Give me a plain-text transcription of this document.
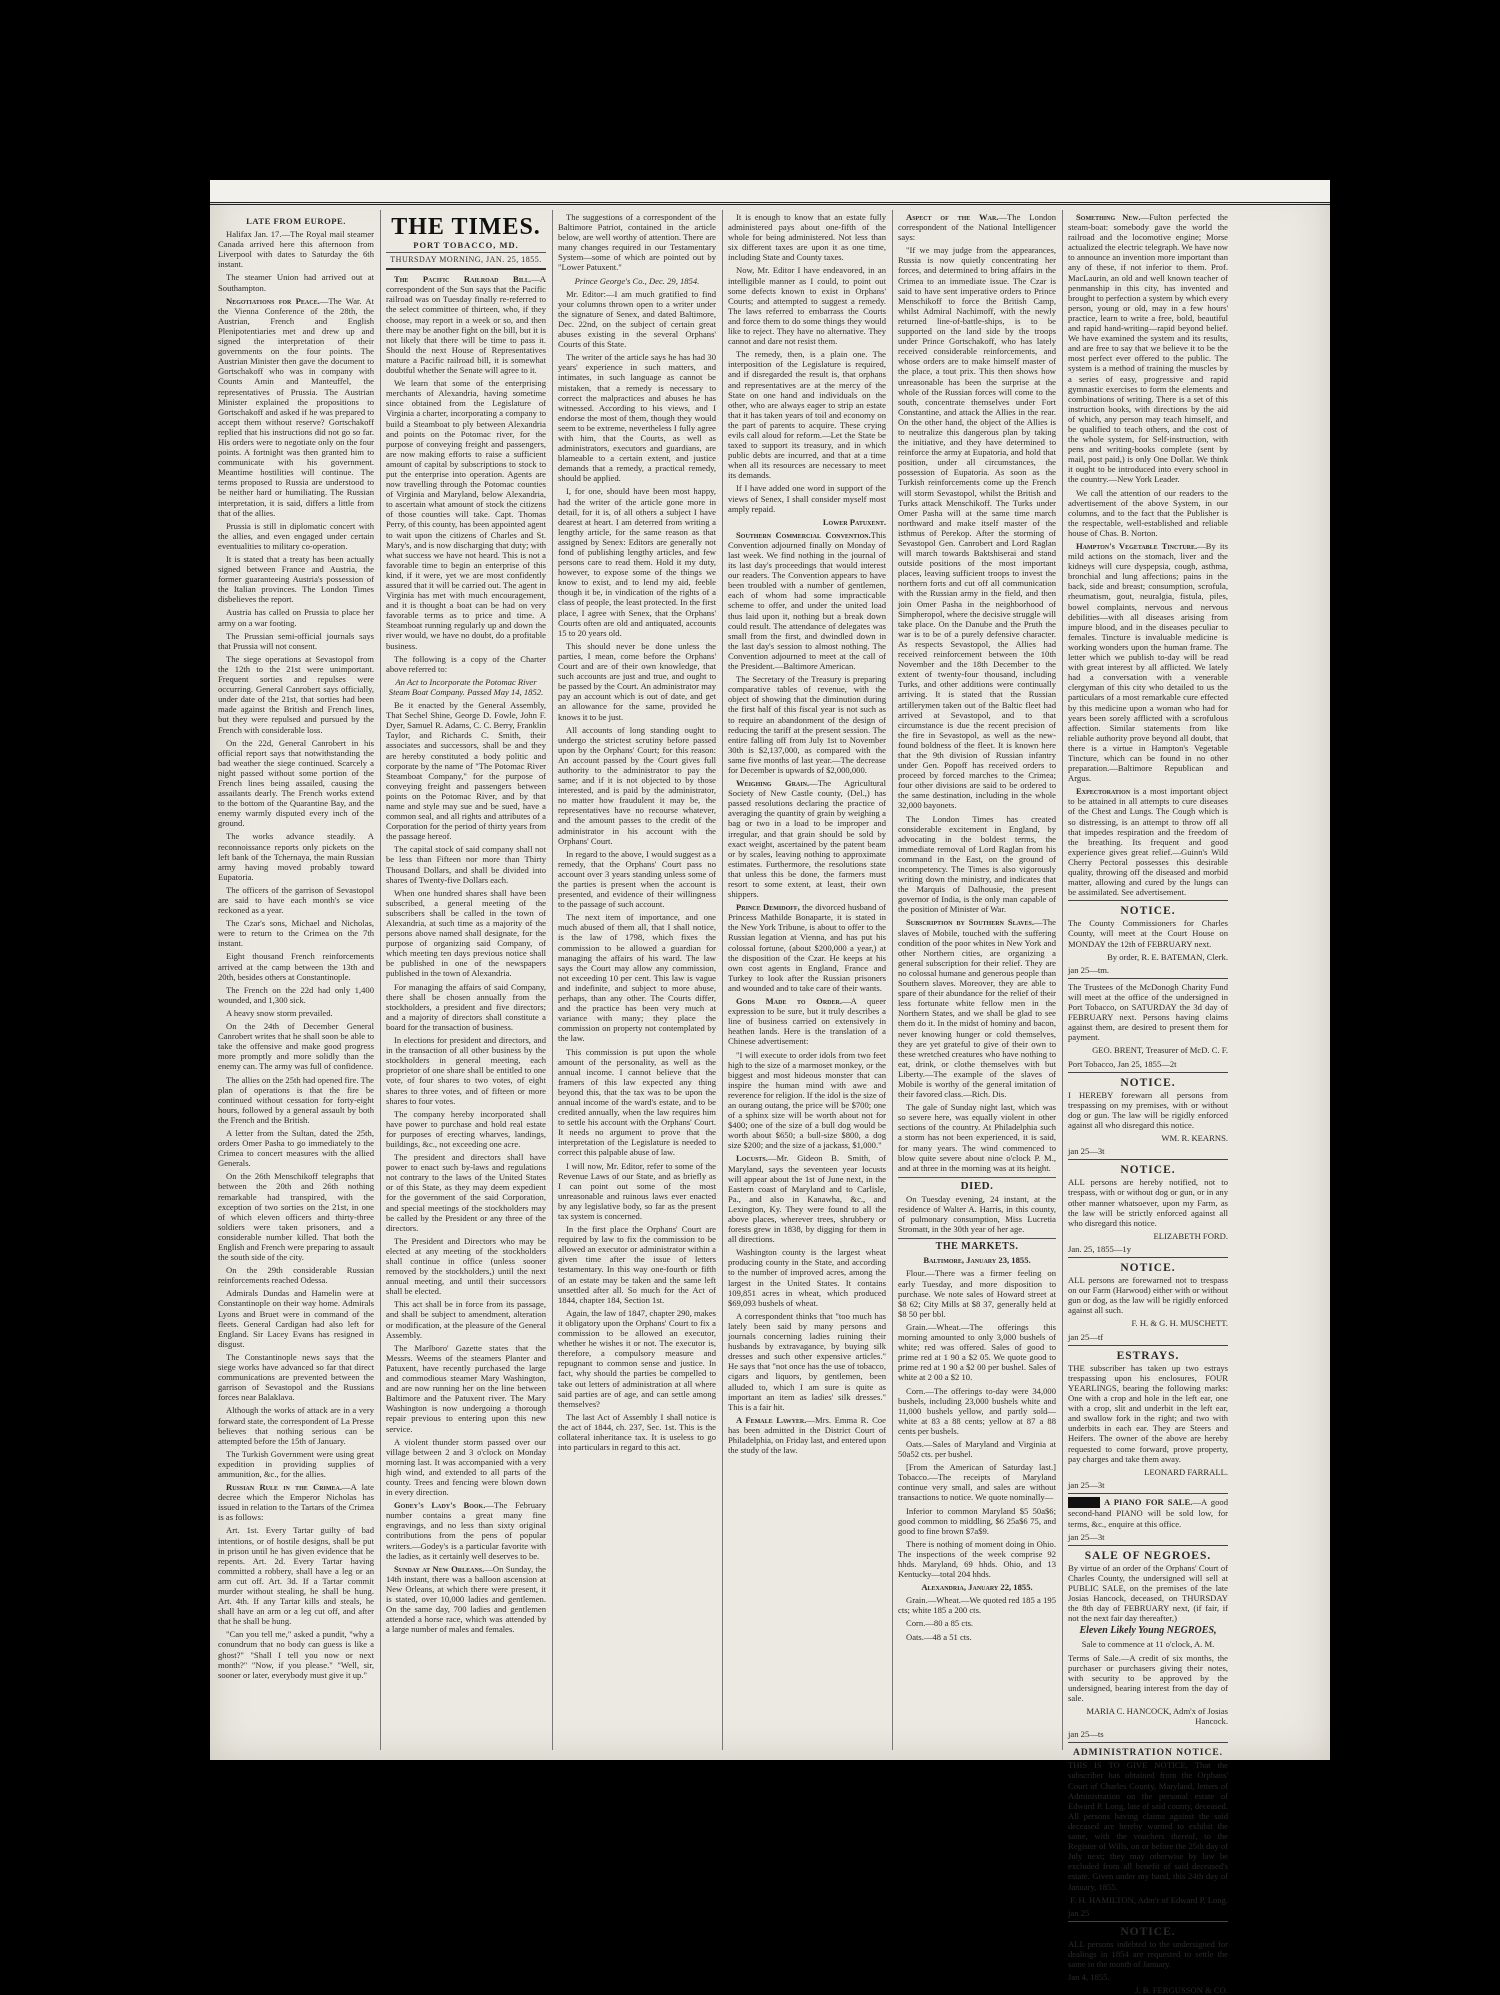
LATE FROM EUROPE.

Halifax Jan. 17.—The Royal mail steamer Canada arrived here this afternoon from Liverpool with dates to Saturday the 6th instant.

The steamer Union had arrived out at Southampton.

Negotiations for Peace.—The War. At the Vienna Conference of the 28th, the Austrian, French and English Plenipotentiaries met and drew up and signed the interpretation of their governments on the four points. The Austrian Minister then gave the document to Gortschakoff who was in company with Counts Amin and Manteuffel, the representatives of Prussia. The Austrian Minister explained the propositions to Gortschakoff and asked if he was prepared to accept them without reserve? Gortschakoff replied that his instructions did not go so far. His orders were to negotiate only on the four points. A fortnight was then granted him to communicate with his government. Meantime hostilities will continue. The terms proposed to Russia are understood to be neither hard or humiliating. The Russian interpretation, it is said, differs a little from that of the allies.

Prussia is still in diplomatic concert with the allies, and even engaged under certain eventualities to military co-operation.

It is stated that a treaty has been actually signed between France and Austria, the former guaranteeing Austria's possession of the Italian provinces. The London Times disbelieves the report.

Austria has called on Prussia to place her army on a war footing.

The Prussian semi-official journals says that Prussia will not consent.

The siege operations at Sevastopol from the 12th to the 21st were unimportant. Frequent sorties and repulses were occurring. General Canrobert says officially, under date of the 21st, that sorties had been made against the British and French lines, but they were repulsed and pursued by the French with considerable loss.

On the 22d, General Canrobert in his official report says that notwithstanding the bad weather the siege continued. Scarcely a night passed without some portion of the French lines being assailed, causing the assailants dearly. The French works extend to the bottom of the Quarantine Bay, and the enemy warmly disputed every inch of the ground.

The works advance steadily. A reconnoissance reports only pickets on the left bank of the Tchernaya, the main Russian army having moved probably toward Eupatoria.

The officers of the garrison of Sevastopol are said to have each month's se vice reckoned as a year.

The Czar's sons, Michael and Nicholas, were to return to the Crimea on the 7th instant.

Eight thousand French reinforcements arrived at the camp between the 13th and 20th, besides others at Constantinople.

The French on the 22d had only 1,400 wounded, and 1,300 sick.

A heavy snow storm prevailed.

On the 24th of December General Canrobert writes that he shall soon be able to take the offensive and make good progress more promptly and more solidly than the enemy can. The army was full of confidence.

The allies on the 25th had opened fire. The plan of operations is that the fire be continued without cessation for forty-eight hours, followed by a general assault by both the French and the British.

A letter from the Sultan, dated the 25th, orders Omer Pasha to go immediately to the Crimea to concert measures with the allied Generals.

On the 26th Menschikoff telegraphs that between the 20th and 26th nothing remarkable had transpired, with the exception of two sorties on the 21st, in one of which eleven officers and thirty-three soldiers were taken prisoners, and a considerable number killed. That both the English and French were preparing to assault the south side of the city.

On the 29th considerable Russian reinforcements reached Odessa.

Admirals Dundas and Hamelin were at Constantinople on their way home. Admirals Lyons and Bruet were in command of the fleets. General Cardigan had also left for England. Sir Lacey Evans has resigned in disgust.

The Constantinople news says that the siege works have advanced so far that direct communications are prevented between the garrison of Sevastopol and the Russians forces near Balaklava.

Although the works of attack are in a very forward state, the correspondent of La Presse believes that nothing serious can be attempted before the 15th of January.

The Turkish Government were using great expedition in providing supplies of ammunition, &c., for the allies.

Russian Rule in the Crimea.—A late decree which the Emperor Nicholas has issued in relation to the Tartars of the Crimea is as follows:

Art. 1st. Every Tartar guilty of bad intentions, or of hostile designs, shall be put in prison until he has given evidence that he repents. Art. 2d. Every Tartar having committed a robbery, shall have a leg or an arm cut off. Art. 3d. If a Tartar commit murder without stealing, he shall be hung. Art. 4th. If any Tartar kills and steals, he shall have an arm or a leg cut off, and after that he shall be hung.

"Can you tell me," asked a pundit, "why a conundrum that no body can guess is like a ghost?" "Shall I tell you now or next month?" "Now, if you please." "Well, sir, sooner or later, everybody must give it up."

THE TIMES.
PORT TOBACCO, MD.
THURSDAY MORNING, JAN. 25, 1855.

The Pacific Railroad Bill.—A correspondent of the Sun says that the Pacific railroad was on Tuesday finally re-referred to the select committee of thirteen, who, if they choose, may report in a week or so, and then there may be another fight on the bill, but it is not likely that there will be time to pass it. Should the next House of Representatives mature a Pacific railroad bill, it is somewhat doubtful whether the Senate will agree to it.

We learn that some of the enterprising merchants of Alexandria, having sometime since obtained from the Legislature of Virginia a charter, incorporating a company to build a Steamboat to ply between Alexandria and points on the Potomac river, for the purpose of conveying freight and passengers, are now making efforts to raise a sufficient amount of capital by subscriptions to stock to put the enterprise into operation. Agents are now travelling through the Potomac counties of Virginia and Maryland, below Alexandria, to ascertain what amount of stock the citizens of those counties will take. Capt. Thomas Perry, of this county, has been appointed agent to wait upon the citizens of Charles and St. Mary's, and is now discharging that duty; with what success we have not heard. This is not a favorable time to begin an enterprise of this kind, if it were, yet we are most confidently assured that it will be carried out. The agent in Virginia has met with much encouragement, and it is thought a boat can be had on very favorable terms as to price and time. A Steamboat running regularly up and down the river would, we have no doubt, do a profitable business.

The following is a copy of the Charter above referred to:

An Act to Incorporate the Potomac River Steam Boat Company. Passed May 14, 1852.

Be it enacted by the General Assembly, That Sechel Shine, George D. Fowle, John F. Dyer, Samuel R. Adams, C. C. Berry, Franklin Taylor, and Richards C. Smith, their associates and successors, shall be and they are hereby constituted a body politic and corporate by the name of "The Potomac River Steamboat Company," for the purpose of conveying freight and passengers between points on the Potomac River, and by that name and style may sue and be sued, have a common seal, and all rights and attributes of a Corporation for the period of thirty years from the passage hereof.

The capital stock of said company shall not be less than Fifteen nor more than Thirty Thousand Dollars, and shall be divided into shares of Twenty-five Dollars each.

When one hundred shares shall have been subscribed, a general meeting of the subscribers shall be called in the town of Alexandria, at such time as a majority of the persons above named shall designate, for the purpose of organizing said Company, of which meeting ten days previous notice shall be published in one of the newspapers published in the town of Alexandria.

For managing the affairs of said Company, there shall be chosen annually from the stockholders, a president and five directors; and a majority of directors shall constitute a board for the transaction of business.

In elections for president and directors, and in the transaction of all other business by the stockholders in general meeting, each proprietor of one share shall be entitled to one vote, of four shares to two votes, of eight shares to three votes, and of fifteen or more shares to four votes.

The company hereby incorporated shall have power to purchase and hold real estate for purposes of erecting wharves, landings, buildings, &c., not exceeding one acre.

The president and directors shall have power to enact such by-laws and regulations not contrary to the laws of the United States or of this State, as they may deem expedient for the government of the said Corporation, and special meetings of the stockholders may be called by the President or any three of the directors.

The President and Directors who may be elected at any meeting of the stockholders shall continue in office (unless sooner removed by the stockholders,) until the next annual meeting, and until their successors shall be elected.

This act shall be in force from its passage, and shall be subject to amendment, alteration or modification, at the pleasure of the General Assembly.

The Marlboro' Gazette states that the Messrs. Weems of the steamers Planter and Patuxent, have recently purchased the large and commodious steamer Mary Washington, and are now running her on the line between Baltimore and the Patuxent river. The Mary Washington is now undergoing a thorough repair previous to entering upon this new service.

A violent thunder storm passed over our village between 2 and 3 o'clock on Monday morning last. It was accompanied with a very high wind, and extended to all parts of the county. Trees and fencing were blown down in every direction.

Godey's Lady's Book.—The February number contains a great many fine engravings, and no less than sixty original contributions from the pens of popular writers.—Godey's is a particular favorite with the ladies, as it certainly well deserves to be.

Sunday at New Orleans.—On Sunday, the 14th instant, there was a balloon ascension at New Orleans, at which there were present, it is stated, over 10,000 ladies and gentlemen. On the same day, 700 ladies and gentlemen attended a horse race, which was attended by a large number of males and females.

The suggestions of a correspondent of the Baltimore Patriot, contained in the article below, are well worthy of attention. There are many changes required in our Testamentary System—some of which are pointed out by "Lower Patuxent."

Prince George's Co., Dec. 29, 1854.

Mr. Editor:—I am much gratified to find your columns thrown open to a writer under the signature of Senex, and dated Baltimore, Dec. 22nd, on the subject of certain great abuses existing in the several Orphans' Courts of this State.

The writer of the article says he has had 30 years' experience in such matters, and intimates, in such language as cannot be mistaken, that a remedy is necessary to correct the malpractices and abuses he has witnessed. According to his views, and I endorse the most of them, though they would seem to be extreme, nevertheless I fully agree with him, that the Courts, as well as administrators, executors and guardians, are blameable to a certain extent, and justice demands that a remedy, a practical remedy, should be applied.

I, for one, should have been most happy, had the writer of the article gone more in detail, for it is, of all others a subject I have dearest at heart. I am deterred from writing a lengthy article, for the same reason as that assigned by Senex: Editors are generally not fond of publishing lengthy articles, and few persons care to read them. Hold it my duty, however, to expose some of the things we know to exist, and to lend my aid, feeble though it be, in vindication of the rights of a class of people, the least protected. In the first place, I agree with Senex, that the Orphans' Courts often are old and antiquated, accounts 15 to 20 years old.

This should never be done unless the parties, I mean, come before the Orphans' Court and are of their own knowledge, that such accounts are just and true, and ought to be passed by the Court. An administrator may pay an account which is out of date, and get an allowance for the same, provided he knows it to be just.

All accounts of long standing ought to undergo the strictest scrutiny before passed upon by the Orphans' Court; for this reason: An account passed by the Court gives full authority to the administrator to pay the same; and if it is not objected to by those interested, and is paid by the administrator, no matter how fraudulent it may be, the representatives have no recourse whatever, and the amount passes to the credit of the administrator in his account with the Orphans' Court.

In regard to the above, I would suggest as a remedy, that the Orphans' Court pass no account over 3 years standing unless some of the parties is present when the account is presented, and evidence of their willingness to the passage of such account.

The next item of importance, and one much abused of them all, that I shall notice, is the law of 1798, which fixes the commission to be allowed a guardian for managing the affairs of his ward. The law says the Court may allow any commission, not exceeding 10 per cent. This law is vague and indefinite, and subject to more abuse, perhaps, than any other. The Courts differ, and the practice has been very much at variance with many; they place the commission on property not contemplated by the law.

This commission is put upon the whole amount of the personality, as well as the annual income. I cannot believe that the framers of this law expected any thing beyond this, that the tax was to be upon the annual income of the ward's estate, and to be credited annually, when the law requires him to settle his account with the Orphans' Court. It needs no argument to prove that the interpretation of the Legislature is needed to correct this palpable abuse of law.

I will now, Mr. Editor, refer to some of the Revenue Laws of our State, and as briefly as I can point out some of the most unreasonable and ruinous laws ever enacted by any legislative body, so far as the present tax system is concerned.

In the first place the Orphans' Court are required by law to fix the commission to be allowed an executor or administrator within a given time after the issue of letters testamentary. In this way one-fourth or fifth of an estate may be taken and the same left unsettled after all. So much for the Act of 1844, chapter 184, Section 1st.

Again, the law of 1847, chapter 290, makes it obligatory upon the Orphans' Court to fix a commission to be allowed an executor, whether he wishes it or not. The executor is, therefore, a compulsory measure and repugnant to common sense and justice. In fact, why should the parties be compelled to take out letters of administration at all where said parties are of age, and can settle among themselves?

The last Act of Assembly I shall notice is the act of 1844, ch. 237, Sec. 1st. This is the collateral inheritance tax. It is useless to go into particulars in regard to this act.

It is enough to know that an estate fully administered pays about one-fifth of the whole for being administered. Not less than six different taxes are upon it as one time, including State and County taxes.

Now, Mr. Editor I have endeavored, in an intelligible manner as I could, to point out some defects known to exist in Orphans' Courts; and attempted to suggest a remedy. The laws referred to embarrass the Courts and force them to do some things they would like to reject. They have no alternative. They cannot and dare not resist them.

The remedy, then, is a plain one. The interposition of the Legislature is required, and if disregarded the result is, that orphans and representatives are at the mercy of the State on one hand and individuals on the other, who are always eager to strip an estate that it has taken years of toil and economy on the part of parents to acquire. These crying evils call aloud for reform.—Let the State be taxed to support its treasury, and in which public debts are incurred, and that at a time when all its resources are necessary to meet its demands.

If I have added one word in support of the views of Senex, I shall consider myself most amply repaid.

Lower Patuxent.

Southern Commercial Convention.This Convention adjourned finally on Monday of last week. We find nothing in the journal of its last day's proceedings that would interest our readers. The Convention appears to have been troubled with a number of gentlemen, each of whom had some impracticable scheme to offer, and under the united load thus laid upon it, nothing but a break down could result. The attendance of delegates was small from the first, and dwindled down in the last day's session to almost nothing. The Convention adjourned to meet at the call of the President.—Baltimore American.

The Secretary of the Treasury is preparing comparative tables of revenue, with the object of showing that the diminution during the first half of this fiscal year is not such as to require an abandonment of the design of reducing the tariff at the present session. The entire falling off from July 1st to November 30th is $2,137,000, as compared with the same five months of last year.—The decrease for December is upwards of $2,000,000.

Weighing Grain.—The Agricultural Society of New Castle county, (Del.,) has passed resolutions declaring the practice of averaging the quantity of grain by weighing a bag or two in a load to be improper and irregular, and that grain should be sold by exact weight, ascertained by the patent beam or by scales, leaving nothing to approximate estimates. Furthermore, the resolutions state that unless this be done, the farmers must resort to some extent, at least, their own shippers.

Prince Demidoff, the divorced husband of Princess Mathilde Bonaparte, it is stated in the New York Tribune, is about to offer to the Russian legation at Vienna, and has put his colossal fortune, (about $200,000 a year,) at the disposition of the Czar. He keeps at his own cost agents in England, France and Turkey to look after the Russian prisoners and wounded and to take care of their wants.

Gods Made to Order.—A queer expression to be sure, but it truly describes a line of business carried on extensively in heathen lands. Here is the translation of a Chinese advertisement:

"I will execute to order idols from two feet high to the size of a marmoset monkey, or the biggest and most hideous monster that can inspire the human mind with awe and reverence for religion. If the idol is the size of an ourang outang, the price will be $700; one of a sphinx size will be worth about not for $400; one of the size of a bull dog would be worth about $650; a bull-size $800, a dog size $200; and the size of a jackass, $1,000."

Locusts.—Mr. Gideon B. Smith, of Maryland, says the seventeen year locusts will appear about the 1st of June next, in the Eastern coast of Maryland and to Carlisle, Pa., and also in Kanawha, &c., and Lexington, Ky. They were found to all the above places, wherever trees, shrubbery or forests grew in 1838, by digging for them in all directions.

Washington county is the largest wheat producing county in the State, and according to the number of improved acres, among the largest in the United States. It contains 109,851 acres in wheat, which produced $69,093 bushels of wheat.

A correspondent thinks that "too much has lately been said by many persons and journals concerning ladies ruining their husbands by extravagance, by buying silk dresses and such other expensive articles." He says that "not once has the use of tobacco, cigars and liquors, by gentlemen, been alluded to, which I am sure is quite as important an item as ladies' silk dresses." This is a fair hit.

A Female Lawyer.—Mrs. Emma R. Coe has been admitted in the District Court of Philadelphia, on Friday last, and entered upon the study of the law.

Aspect of the War.—The London correspondent of the National Intelligencer says:

"If we may judge from the appearances, Russia is now quietly concentrating her forces, and determined to bring affairs in the Crimea to an immediate issue. The Czar is said to have sent imperative orders to Prince Menschikoff to force the British Camp, whilst Admiral Nachimoff, with the newly returned line-of-battle-ships, is to be supported on the land side by the troops under Prince Gortschakoff, who has lately received considerable reinforcements, and whose orders are to make himself master of the place, a tout prix. This then shows how unreasonable has been the surprise at the whole of the Russian forces will come to the south, concentrate themselves under Fort Constantine, and attack the Allies in the rear. On the other hand, the object of the Allies is to neutralize this dangerous plan by taking the initiative, and they have determined to reinforce the army at Eupatoria, and hold that position, under all circumstances, the possession of Eupatoria. As soon as the Turkish reinforcements come up the French will storm Sevastopol, whilst the British and Turks attack Menschikoff. The Turks under Omer Pasha will at the same time march northward and make itself master of the isthmus of Perekop. After the storming of Sevastopol Gen. Canrobert and Lord Raglan will march towards Baktshiserai and stand outside positions of the most important places, leaving sufficient troops to invest the northern forts and cut off all communication with the Russian army in the field, and then join Omer Pasha in the neighborhood of Simpheropol, where the decisive struggle will take place. On the Danube and the Pruth the war is to be of a purely defensive character. As respects Sevastopol, the Allies had received reinforcement between the 10th November and the 18th December to the extent of twenty-four thousand, including Turks, and other additions were continually arriving. It is stated that the Russian artillerymen taken out of the Baltic fleet had arrived at Sevastopol, and to that circumstance is due the recent precision of the fire in Sevastopol, as well as the new-found boldness of the fleet. It is known here that the 9th division of Russian infantry under Gen. Popoff has received orders to proceed by forced marches to the Crimea; four other divisions are said to be ordered to the same destination, including in the whole 32,000 bayonets.

The London Times has created considerable excitement in England, by advocating in the boldest terms, the immediate removal of Lord Raglan from his command in the East, on the ground of incompetency. The Times is also vigorously writing down the ministry, and indicates that the Marquis of Dalhousie, the present governor of India, is the only man capable of the position of Minister of War.

Subscription by Southern Slaves.—The slaves of Mobile, touched with the suffering condition of the poor whites in New York and other Northern cities, are organizing a general subscription for their relief. They are no colossal humane and generous people than Southern slaves. Moreover, they are able to spare of their abundance for the relief of their less fortunate white fellow men in the Northern States, and we shall be glad to see them do it. In the midst of hominy and bacon, never knowing hunger or cold themselves, they are yet grateful to give of their own to these wretched creatures who have nothing to eat, drink, or clothe themselves with but Liberty.—The example of the slaves of Mobile is worthy of the general imitation of their favored class.—Rich. Dis.

The gale of Sunday night last, which was so severe here, was equally violent in other sections of the country. At Philadelphia such a storm has not been experienced, it is said, for many years. The wind commenced to blow quite severe about nine o'clock P. M., and at three in the morning was at its height.

DIED.

On Tuesday evening, 24 instant, at the residence of Walter A. Harris, in this county, of pulmonary consumption, Miss Lucretia Stromatt, in the 30th year of her age.

THE MARKETS.

Baltimore, January 23, 1855.

Flour.—There was a firmer feeling on early Tuesday, and more disposition to purchase. We note sales of Howard street at $8 62; City Mills at $8 37, generally held at $8 50 per bbl.

Grain.—Wheat.—The offerings this morning amounted to only 3,000 bushels of white; red was offered. Sales of good to prime red at 1 90 a $2 05. We quote good to prime red at 1 90 a $2 00 per bushel. Sales of white at 2 00 a $2 10.

Corn.—The offerings to-day were 34,000 bushels, including 23,000 bushels white and 11,000 bushels yellow, and partly sold—white at 83 a 88 cents; yellow at 87 a 88 cents per bushels.

Oats.—Sales of Maryland and Virginia at 50a52 cts. per bushel.

[From the American of Saturday last.] Tobacco.—The receipts of Maryland continue very small, and sales are without transactions to notice. We quote nominally—

Inferior to common Maryland $5 50a$6; good common to middling, $6 25a$6 75, and good to fine brown $7a$9.

There is nothing of moment doing in Ohio. The inspections of the week comprise 92 hhds. Maryland, 69 hhds. Ohio, and 13 Kentucky—total 204 hhds.

Alexandria, January 22, 1855.

Grain.—Wheat.—We quoted red 185 a 195 cts; white 185 a 200 cts.

Corn.—80 a 85 cts.

Oats.—48 a 51 cts.

Something New.—Fulton perfected the steam-boat: somebody gave the world the railroad and the locomotive engine; Morse actualized the electric telegraph. We have now to announce an invention more important than any of these, if not inferior to them. Prof. MacLaurin, an old and well known teacher of penmanship in this city, has invented and brought to perfection a system by which every person, young or old, may in a few hours' practice, learn to write a free, bold, beautiful and rapid hand-writing—rapid beyond belief. We have examined the system and its results, and are free to say that we believe it to be the most perfect ever offered to the public. The system is a method of training the muscles by a series of easy, progressive and rapid gymnastic exercises to form the elements and combinations of writing. There is a set of this instruction books, with directions by the aid of which, any person may teach himself, and be qualified to teach others, and the cost of the whole system, for Self-instruction, with pens and writing-books complete (sent by mail, post paid,) is only One Dollar. We think it ought to be introduced into every school in the country.—New York Leader.

We call the attention of our readers to the advertisement of the above System, in our columns, and to the fact that the Publisher is the respectable, well-established and reliable house of Chas. B. Norton.

Hampton's Vegetable Tincture.—By its mild actions on the stomach, liver and the kidneys will cure dyspepsia, cough, asthma, bronchial and lung affections; pains in the back, side and breast; consumption, scrofula, rheumatism, gout, neuralgia, fistula, piles, bowel complaints, nervous and nervous debilities—with all diseases arising from impure blood, and in the diseases peculiar to females. Tincture is invaluable medicine is working wonders upon the human frame. The letter which we publish to-day will be read with great interest by all afflicted. We lately had a conversation with a venerable clergyman of this city who detailed to us the particulars of a most remarkable cure effected by this medicine upon a woman who had for years been sorely afflicted with a scrofulous affection. Similar statements from like reliable authority prove beyond all doubt, that there is a virtue in Hampton's Vegetable Tincture, which can be found in no other preparation.—Baltimore Republican and Argus.

Expectoration is a most important object to be attained in all attempts to cure diseases of the Chest and Lungs. The Cough which is so distressing, is an attempt to throw off all that impedes respiration and the freedom of the breathing. Its frequent and good experience gives great relief.—Guinn's Wild Cherry Pectoral possesses this desirable quality, throwing off the diseased and morbid matter, allowing and cured by the lungs can be assimilated. See advertisement.

NOTICE.

The County Commissioners for Charles County, will meet at the Court House on MONDAY the 12th of FEBRUARY next.

By order, R. E. BATEMAN, Clerk.

jan 25—tm.

The Trustees of the McDonogh Charity Fund will meet at the office of the undersigned in Port Tobacco, on SATURDAY the 3d day of FEBRUARY next. Persons having claims against them, are desired to present them for payment.

GEO. BRENT, Treasurer of McD. C. F.

Port Tobacco, Jan 25, 1855—2t

NOTICE.

I HEREBY forewarn all persons from trespassing on my premises, with or without dog or gun. The law will be rigidly enforced against all who disregard this notice.

WM. R. KEARNS.

jan 25—3t

NOTICE.

ALL persons are hereby notified, not to trespass, with or without dog or gun, or in any other manner whatsoever, upon my Farm, as the law will be strictly enforced against all who disregard this notice.

ELIZABETH FORD.

Jan. 25, 1855—1y

NOTICE.

ALL persons are forewarned not to trespass on our Farm (Harwood) either with or without gun or dog, as the law will be rigidly enforced against all such.

F. H. & G. H. MUSCHETT.

jan 25—tf

ESTRAYS.

THE subscriber has taken up two estrays trespassing upon his enclosures, FOUR YEARLINGS, bearing the following marks: One with a crop and hole in the left ear, one with a crop, slit and underbit in the left ear, and swallow fork in the right; and two with underbits in each ear. They are Steers and Heifers. The owner of the above are hereby requested to come forward, prove property, pay charges and take them away.

LEONARD FARRALL.

jan 25—3t

A PIANO FOR SALE.—A good second-hand PIANO will be sold low, for terms, &c., enquire at this office.

jan 25—3t

SALE OF NEGROES.

By virtue of an order of the Orphans' Court of Charles County, the undersigned will sell at PUBLIC SALE, on the premises of the late Josias Hancock, deceased, on THURSDAY the 8th day of FEBRUARY next, (if fair, if not the next fair day thereafter,)

Eleven Likely Young NEGROES,

Sale to commence at 11 o'clock, A. M.

Terms of Sale.—A credit of six months, the purchaser or purchasers giving their notes, with security to be approved by the undersigned, bearing interest from the day of sale.

MARIA C. HANCOCK, Adm'x of Josias Hancock.

jan 25—ts

ADMINISTRATION NOTICE.

THIS IS TO GIVE NOTICE, That the subscriber has obtained from the Orphans' Court of Charles County, Maryland, letters of Administration on the personal estate of Edward P. Long, late of said county, deceased. All persons having claims against the said deceased are hereby warned to exhibit the same, with the vouchers thereof, to the Register of Wills, on or before the 25th day of July next; they may otherwise by law be excluded from all benefit of said deceased's estate. Given under my hand, this 24th day of January, 1855.

F. H. HAMILTON, Adm'r of Edward P. Long.

jan 25

NOTICE.

ALL persons indebted to the undersigned for dealings in 1854 are requested to settle the same in the month of January.

Jan 4, 1855.

J. B. FERGUSSON & CO.
